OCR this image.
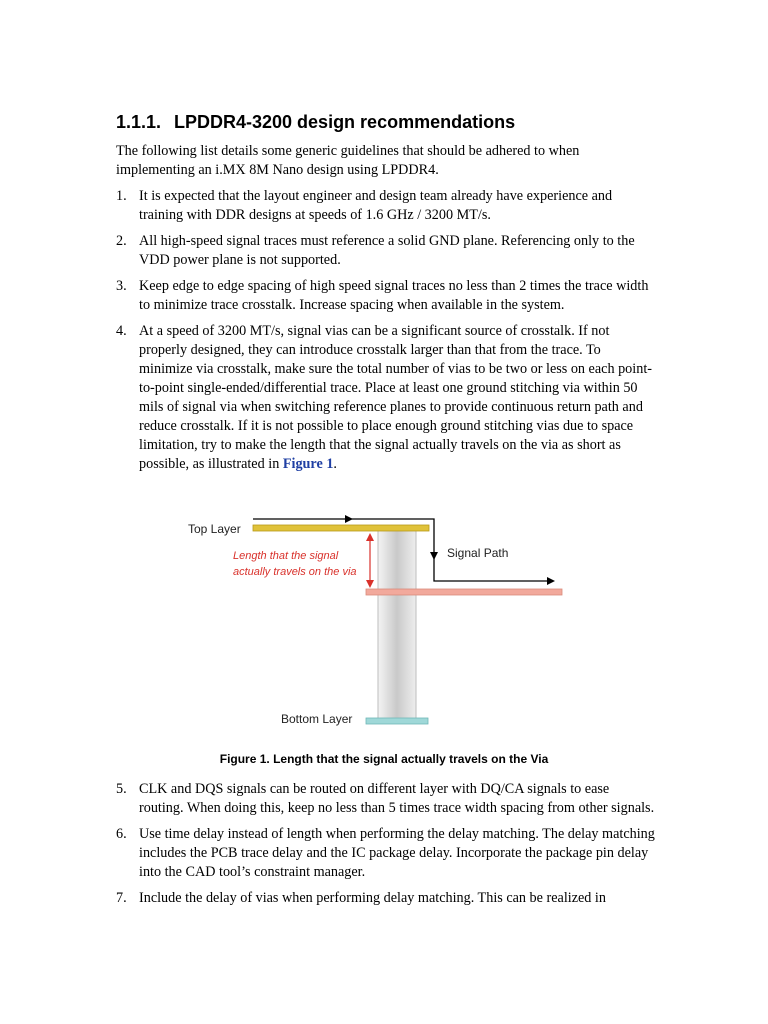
1.1.1. LPDDR4-3200 design recommendations
The following list details some generic guidelines that should be adhered to when implementing an i.MX 8M Nano design using LPDDR4.
1. It is expected that the layout engineer and design team already have experience and training with DDR designs at speeds of 1.6 GHz / 3200 MT/s.
2. All high-speed signal traces must reference a solid GND plane. Referencing only to the VDD power plane is not supported.
3. Keep edge to edge spacing of high speed signal traces no less than 2 times the trace width to minimize trace crosstalk. Increase spacing when available in the system.
4. At a speed of 3200 MT/s, signal vias can be a significant source of crosstalk. If not properly designed, they can introduce crosstalk larger than that from the trace. To minimize via crosstalk, make sure the total number of vias to be two or less on each point-to-point single-ended/differential trace. Place at least one ground stitching via within 50 mils of signal via when switching reference planes to provide continuous return path and reduce crosstalk. If it is not possible to place enough ground stitching vias due to space limitation, try to make the length that the signal actually travels on the via as short as possible, as illustrated in Figure 1.
Top Layer
Signal Path
Bottom Layer
Length that the signal
actually travels on the via
Figure 1. Length that the signal actually travels on the Via
5. CLK and DQS signals can be routed on different layer with DQ/CA signals to ease routing. When doing this, keep no less than 5 times trace width spacing from other signals.
6. Use time delay instead of length when performing the delay matching. The delay matching includes the PCB trace delay and the IC package delay. Incorporate the package pin delay into the CAD tool’s constraint manager.
7. Include the delay of vias when performing delay matching. This can be realized in
